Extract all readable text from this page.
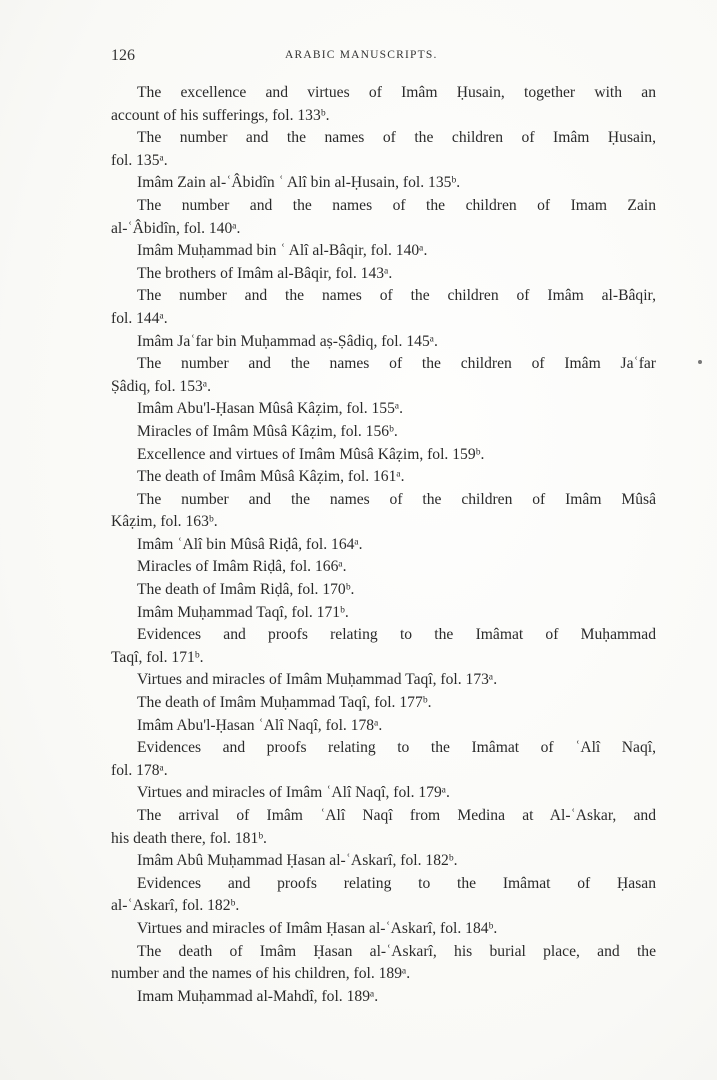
126	ARABIC MANUSCRIPTS.

The excellence and virtues of Imâm Ḥusain, together with an
account of his sufferings, fol. 133ᵇ.

The number and the names of the children of Imâm Ḥusain,
fol. 135ᵃ.

Imâm Zain al-ʿÂbidîn ʿ Alî bin al-Ḥusain, fol. 135ᵇ.

The number and the names of the children of Imam Zain
al-ʿÂbidîn, fol. 140ᵃ.

Imâm Muḥammad bin ʿ Alî al-Bâqir, fol. 140ᵃ.

The brothers of Imâm al-Bâqir, fol. 143ᵃ.

The number and the names of the children of Imâm al-Bâqir,
fol. 144ᵃ.

Imâm Jaʿfar bin Muḥammad aṣ-Ṣâdiq, fol. 145ᵃ.

The number and the names of the children of Imâm Jaʿfar
Ṣâdiq, fol. 153ᵃ.

Imâm Abu'l-Ḥasan Mûsâ Kâẓim, fol. 155ᵃ.

Miracles of Imâm Mûsâ Kâẓim, fol. 156ᵇ.

Excellence and virtues of Imâm Mûsâ Kâẓim, fol. 159ᵇ.

The death of Imâm Mûsâ Kâẓim, fol. 161ᵃ.

The number and the names of the children of Imâm Mûsâ
Kâẓim, fol. 163ᵇ.

Imâm ʿAlî bin Mûsâ Riḍâ, fol. 164ᵃ.

Miracles of Imâm Riḍâ, fol. 166ᵃ.

The death of Imâm Riḍâ, fol. 170ᵇ.

Imâm Muḥammad Taqî, fol. 171ᵇ.

Evidences and proofs relating to the Imâmat of Muḥammad
Taqî, fol. 171ᵇ.

Virtues and miracles of Imâm Muḥammad Taqî, fol. 173ᵃ.

The death of Imâm Muḥammad Taqî, fol. 177ᵇ.

Imâm Abu'l-Ḥasan ʿAlî Naqî, fol. 178ᵃ.

Evidences and proofs relating to the Imâmat of ʿAlî Naqî,
fol. 178ᵃ.

Virtues and miracles of Imâm ʿAlî Naqî, fol. 179ᵃ.

The arrival of Imâm ʿAlî Naqî from Medina at Al-ʿAskar, and
his death there, fol. 181ᵇ.

Imâm Abû Muḥammad Ḥasan al-ʿAskarî, fol. 182ᵇ.

Evidences and proofs relating to the Imâmat of Ḥasan
al-ʿAskarî, fol. 182ᵇ.

Virtues and miracles of Imâm Ḥasan al-ʿAskarî, fol. 184ᵇ.

The death of Imâm Ḥasan al-ʿAskarî, his burial place, and the
number and the names of his children, fol. 189ᵃ.

Imam Muḥammad al-Mahdî, fol. 189ᵃ.
